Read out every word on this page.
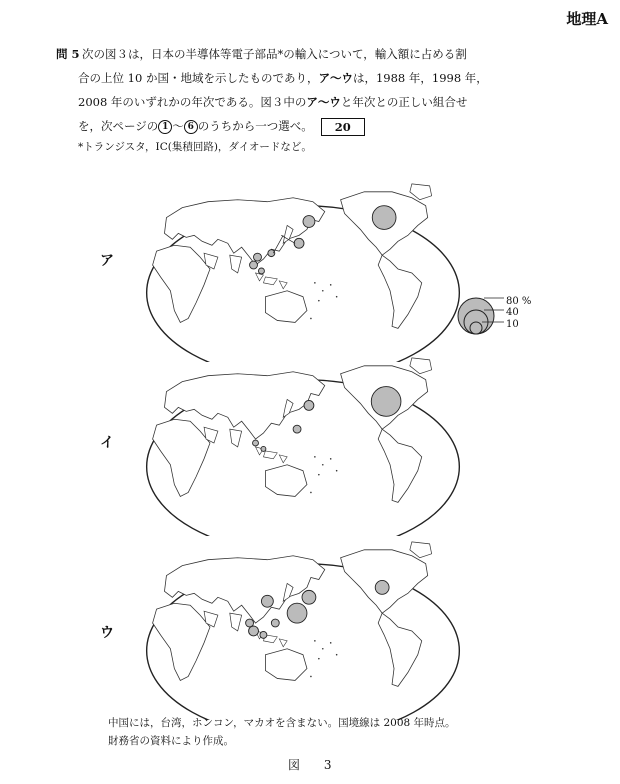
地理A
問 5 次の図３は，日本の半導体等電子部品*の輸入について，輸入額に占める割
合の上位 10 か国・地域を示したものであり，ア〜ウは，1988 年，1998 年，
2008 年のいずれかの年次である。図３中のア〜ウと年次との正しい組合せ
を，次ページの 1 〜 6 のうちから一つ選べ。 20
*トランジスタ，IC(集積回路)，ダイオードなど。
ア
80 %
40
10
イ
ウ
中国には，台湾，ホンコン，マカオを含まない。国境線は 2008 年時点。
財務省の資料により作成。
図 3
